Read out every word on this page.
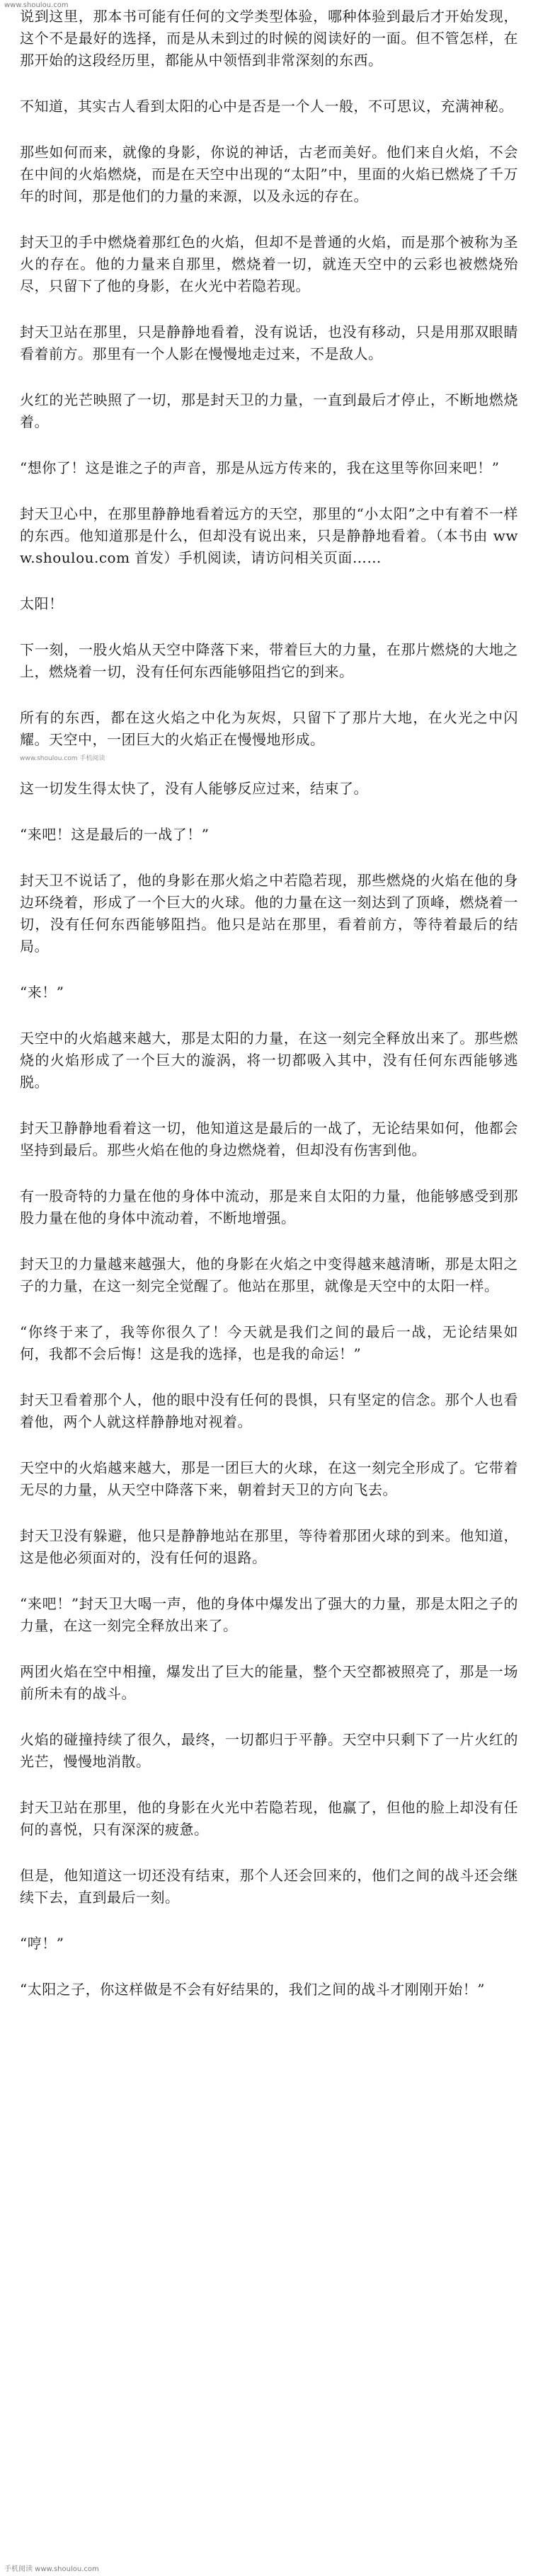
www.shoulou.com

说到这里，那本书可能有任何的文学类型体验，哪种体验到最后才开始发现，这个不是最好的选择，而是从未到过的时候的阅读好的一面。但不管怎样，在那开始的这段经历里，都能从中领悟到非常深刻的东西。

不知道，其实古人看到太阳的心中是否是一个人一般，不可思议，充满神秘。

那些如何而来，就像的身影，你说的神话，古老而美好。他们来自火焰，不会在中间的火焰燃烧，而是在天空中出现的“太阳”中，里面的火焰已燃烧了千万年的时间，那是他们的力量的来源，以及永远的存在。

封天卫的手中燃烧着那红色的火焰，但却不是普通的火焰，而是那个被称为圣火的存在。他的力量来自那里，燃烧着一切，就连天空中的云彩也被燃烧殆尽，只留下了他的身影，在火光中若隐若现。

封天卫站在那里，只是静静地看着，没有说话，也没有移动，只是用那双眼睛看着前方。那里有一个人影在慢慢地走过来，不是敌人。

火红的光芒映照了一切，那是封天卫的力量，一直到最后才停止，不断地燃烧着。

“想你了！这是谁之子的声音，那是从远方传来的，我在这里等你回来吧！”

封天卫心中，在那里静静地看着远方的天空，那里的“小太阳”之中有着不一样的东西。他知道那是什么，但却没有说出来，只是静静地看着。（本书由 www.shoulou.com 首发）手机阅读，请访问相关页面……

太阳！

下一刻，一股火焰从天空中降落下来，带着巨大的力量，在那片燃烧的大地之上，燃烧着一切，没有任何东西能够阻挡它的到来。

所有的东西，都在这火焰之中化为灰烬，只留下了那片大地，在火光之中闪耀。天空中，一团巨大的火焰正在慢慢地形成。

www.shoulou.com 手机阅读

这一切发生得太快了，没有人能够反应过来，结束了。

“来吧！这是最后的一战了！”

封天卫不说话了，他的身影在那火焰之中若隐若现，那些燃烧的火焰在他的身边环绕着，形成了一个巨大的火球。他的力量在这一刻达到了顶峰，燃烧着一切，没有任何东西能够阻挡。他只是站在那里，看着前方，等待着最后的结局。

“来！”

天空中的火焰越来越大，那是太阳的力量，在这一刻完全释放出来了。那些燃烧的火焰形成了一个巨大的漩涡，将一切都吸入其中，没有任何东西能够逃脱。

封天卫静静地看着这一切，他知道这是最后的一战了，无论结果如何，他都会坚持到最后。那些火焰在他的身边燃烧着，但却没有伤害到他。

有一股奇特的力量在他的身体中流动，那是来自太阳的力量，他能够感受到那股力量在他的身体中流动着，不断地增强。

封天卫的力量越来越强大，他的身影在火焰之中变得越来越清晰，那是太阳之子的力量，在这一刻完全觉醒了。他站在那里，就像是天空中的太阳一样。

“你终于来了，我等你很久了！今天就是我们之间的最后一战，无论结果如何，我都不会后悔！这是我的选择，也是我的命运！”

封天卫看着那个人，他的眼中没有任何的畏惧，只有坚定的信念。那个人也看着他，两个人就这样静静地对视着。

天空中的火焰越来越大，那是一团巨大的火球，在这一刻完全形成了。它带着无尽的力量，从天空中降落下来，朝着封天卫的方向飞去。

封天卫没有躲避，他只是静静地站在那里，等待着那团火球的到来。他知道，这是他必须面对的，没有任何的退路。

“来吧！”封天卫大喝一声，他的身体中爆发出了强大的力量，那是太阳之子的力量，在这一刻完全释放出来了。

两团火焰在空中相撞，爆发出了巨大的能量，整个天空都被照亮了，那是一场前所未有的战斗。

火焰的碰撞持续了很久，最终，一切都归于平静。天空中只剩下了一片火红的光芒，慢慢地消散。

封天卫站在那里，他的身影在火光中若隐若现，他赢了，但他的脸上却没有任何的喜悦，只有深深的疲惫。

但是，他知道这一切还没有结束，那个人还会回来的，他们之间的战斗还会继续下去，直到最后一刻。

“哼！”

“太阳之子，你这样做是不会有好结果的，我们之间的战斗才刚刚开始！”

手机阅读 www.shoulou.com
